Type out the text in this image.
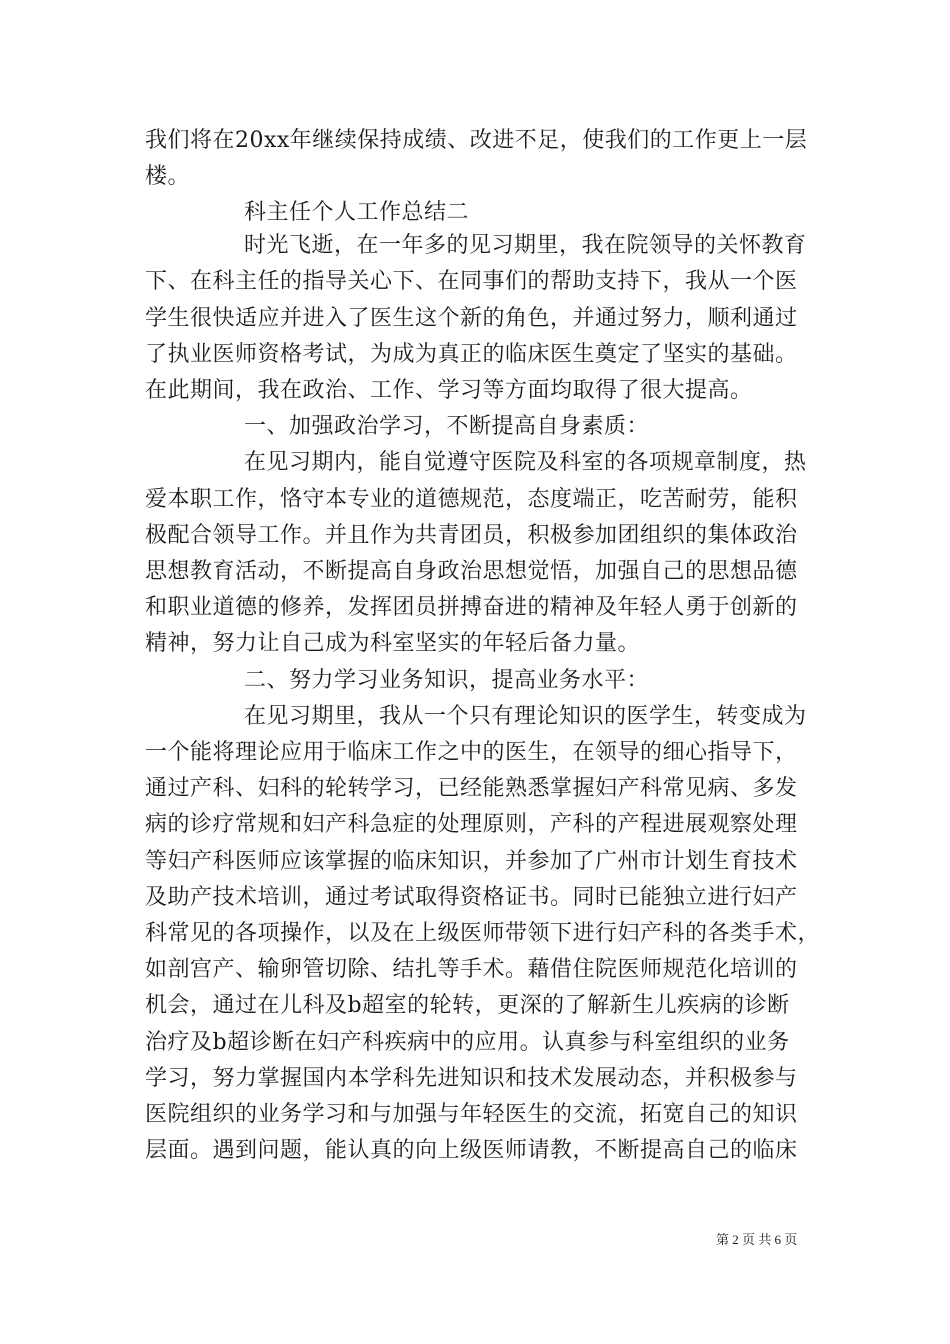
我们将在20xx年继续保持成绩、改进不足，使我们的工作更上一层
楼。
科主任个人工作总结二
时光飞逝，在一年多的见习期里，我在院领导的关怀教育
下、在科主任的指导关心下、在同事们的帮助支持下，我从一个医
学生很快适应并进入了医生这个新的角色，并通过努力，顺利通过
了执业医师资格考试，为成为真正的临床医生奠定了坚实的基础。
在此期间，我在政治、工作、学习等方面均取得了很大提高。
一、加强政治学习，不断提高自身素质：
在见习期内，能自觉遵守医院及科室的各项规章制度，热
爱本职工作，恪守本专业的道德规范，态度端正，吃苦耐劳，能积
极配合领导工作。并且作为共青团员，积极参加团组织的集体政治
思想教育活动，不断提高自身政治思想觉悟，加强自己的思想品德
和职业道德的修养，发挥团员拼搏奋进的精神及年轻人勇于创新的
精神，努力让自己成为科室坚实的年轻后备力量。
二、努力学习业务知识，提高业务水平：
在见习期里，我从一个只有理论知识的医学生，转变成为
一个能将理论应用于临床工作之中的医生，在领导的细心指导下，
通过产科、妇科的轮转学习，已经能熟悉掌握妇产科常见病、多发
病的诊疗常规和妇产科急症的处理原则，产科的产程进展观察处理
等妇产科医师应该掌握的临床知识，并参加了广州市计划生育技术
及助产技术培训，通过考试取得资格证书。同时已能独立进行妇产
科常见的各项操作，以及在上级医师带领下进行妇产科的各类手术，
如剖宫产、输卵管切除、结扎等手术。藉借住院医师规范化培训的
机会，通过在儿科及b超室的轮转，更深的了解新生儿疾病的诊断
治疗及b超诊断在妇产科疾病中的应用。认真参与科室组织的业务
学习，努力掌握国内本学科先进知识和技术发展动态，并积极参与
医院组织的业务学习和与加强与年轻医生的交流，拓宽自己的知识
层面。遇到问题，能认真的向上级医师请教，不断提高自己的临床
第 2 页 共 6 页
